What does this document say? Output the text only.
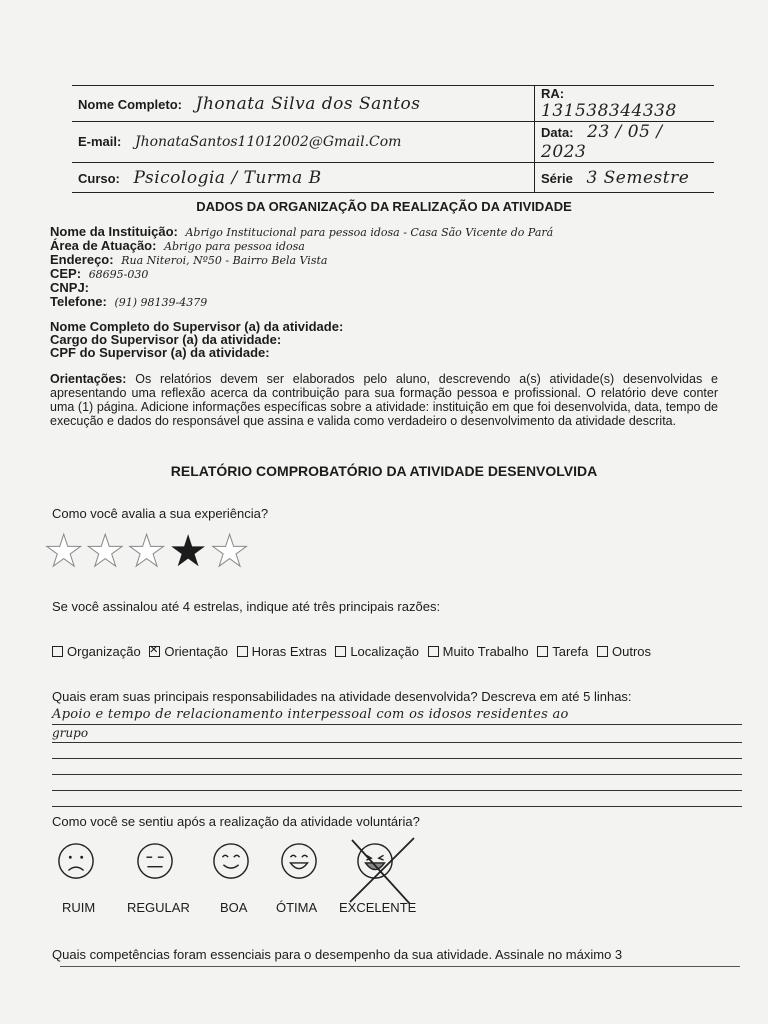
Nome Completo: Jhonata Silva dos Santos	RA: 131538344338
E-mail: JhonataSantos11012002@Gmail.Com	Data: 23 / 05 / 2023
Curso: Psicologia / Turma B	Série 3 Semestre
DADOS DA ORGANIZAÇÃO DA REALIZAÇÃO DA ATIVIDADE
Nome da Instituição: Abrigo Institucional para pessoa idosa - Casa São Vicente do Pará
Área de Atuação: Abrigo para pessoa idosa
Endereço: Rua Niteroi, Nº50 - Bairro Bela Vista
CEP: 68695-030
CNPJ:
Telefone: (91) 98139-4379
Nome Completo do Supervisor (a) da atividade:
Cargo do Supervisor (a) da atividade:
CPF do Supervisor (a) da atividade:
Orientações: Os relatórios devem ser elaborados pelo aluno, descrevendo a(s) atividade(s) desenvolvidas e apresentando uma reflexão acerca da contribuição para sua formação pessoa e profissional. O relatório deve conter uma (1) página. Adicione informações específicas sobre a atividade: instituição em que foi desenvolvida, data, tempo de execução e dados do responsável que assina e valida como verdadeiro o desenvolvimento da atividade descrita.
RELATÓRIO COMPROBATÓRIO DA ATIVIDADE DESENVOLVIDA
Como você avalia a sua experiência?
★ ★ ★ ★ ★
Se você assinalou até 4 estrelas, indique até três principais razões:
Organização × Orientação Horas Extras Localização Muito Trabalho Tarefa Outros
Quais eram suas principais responsabilidades na atividade desenvolvida? Descreva em até 5 linhas:
Apoio e tempo de relacionamento interpessoal com os idosos residentes ao
grupo
Como você se sentiu após a realização da atividade voluntária?
RUIM REGULAR BOA ÓTIMA EXCELENTE
Quais competências foram essenciais para o desempenho da sua atividade. Assinale no máximo 3
